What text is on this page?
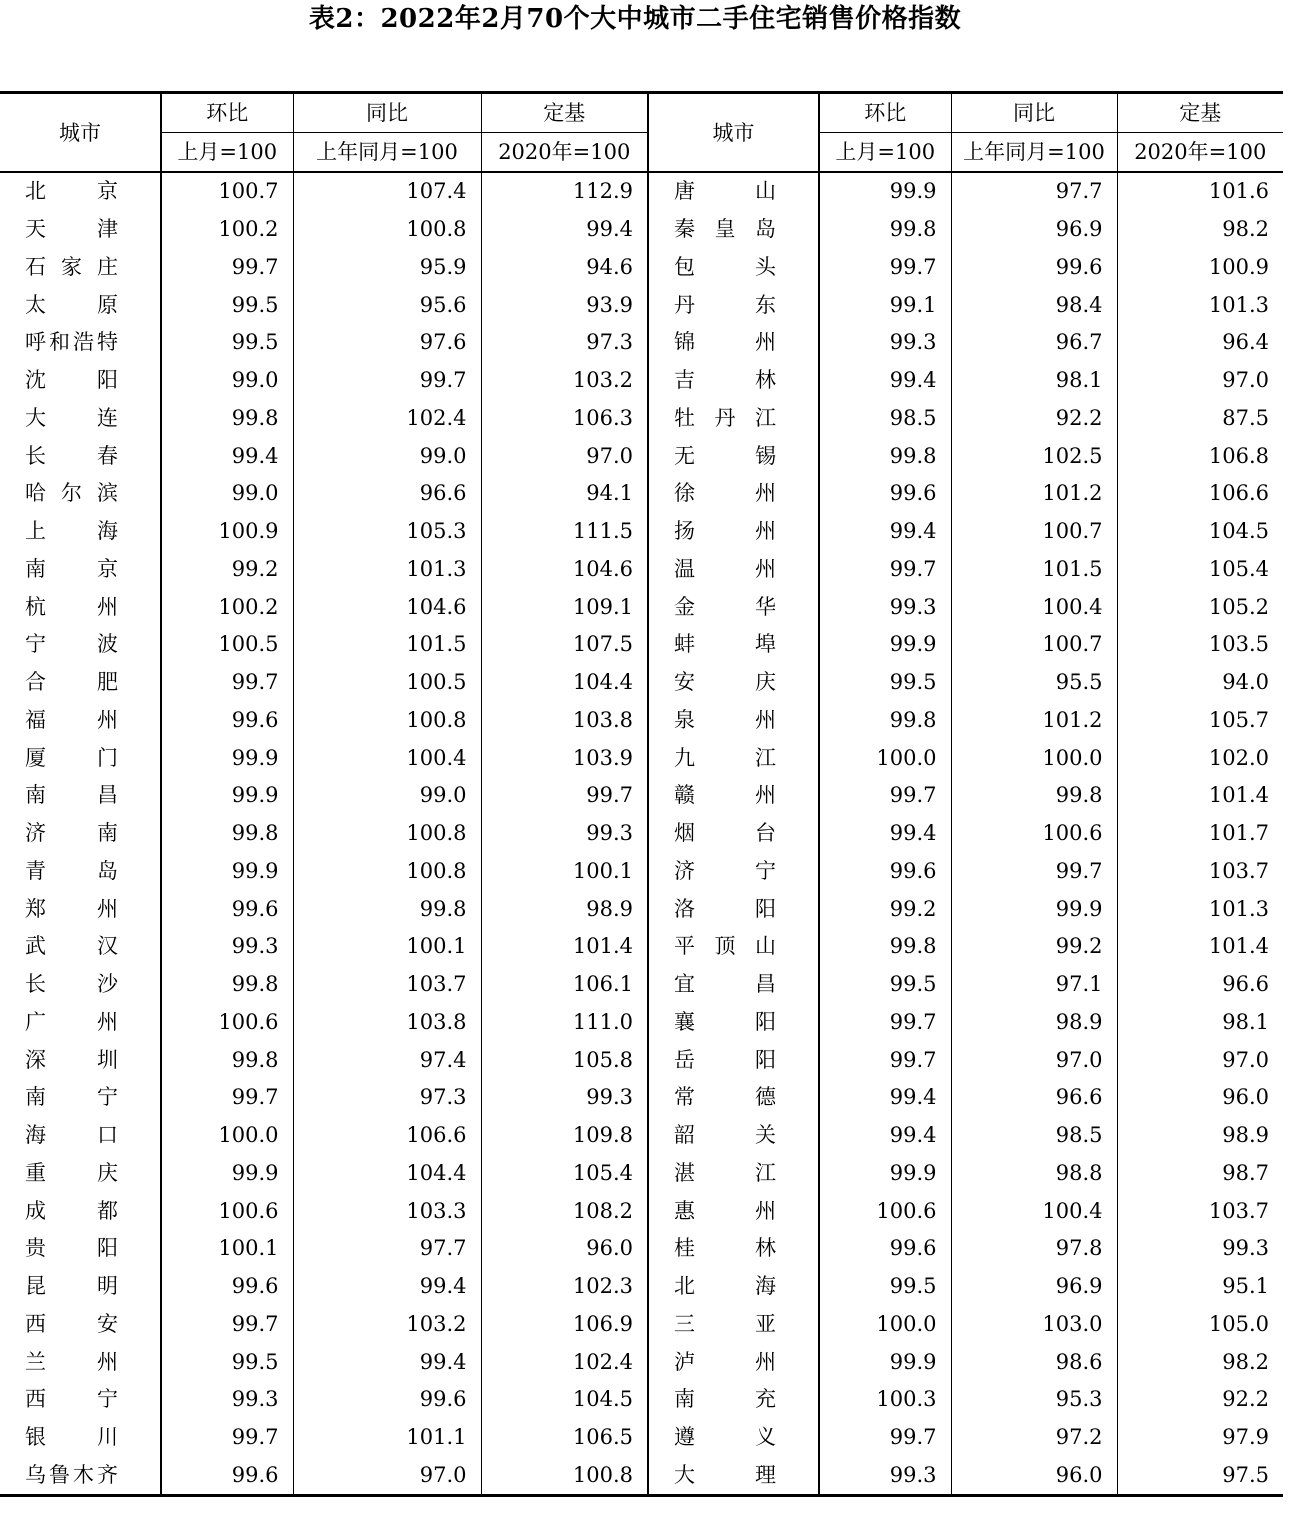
表2：2022年2月70个大中城市二手住宅销售价格指数
城市	环比	同比	定基	城市	环比	同比	定基
	上月=100	上年同月=100	2020年=100		上月=100	上年同月=100	2020年=100
北京	100.7	107.4	112.9	唐山	99.9	97.7	101.6
天津	100.2	100.8	99.4	秦皇岛	99.8	96.9	98.2
石家庄	99.7	95.9	94.6	包头	99.7	99.6	100.9
太原	99.5	95.6	93.9	丹东	99.1	98.4	101.3
呼和浩特	99.5	97.6	97.3	锦州	99.3	96.7	96.4
沈阳	99.0	99.7	103.2	吉林	99.4	98.1	97.0
大连	99.8	102.4	106.3	牡丹江	98.5	92.2	87.5
长春	99.4	99.0	97.0	无锡	99.8	102.5	106.8
哈尔滨	99.0	96.6	94.1	徐州	99.6	101.2	106.6
上海	100.9	105.3	111.5	扬州	99.4	100.7	104.5
南京	99.2	101.3	104.6	温州	99.7	101.5	105.4
杭州	100.2	104.6	109.1	金华	99.3	100.4	105.2
宁波	100.5	101.5	107.5	蚌埠	99.9	100.7	103.5
合肥	99.7	100.5	104.4	安庆	99.5	95.5	94.0
福州	99.6	100.8	103.8	泉州	99.8	101.2	105.7
厦门	99.9	100.4	103.9	九江	100.0	100.0	102.0
南昌	99.9	99.0	99.7	赣州	99.7	99.8	101.4
济南	99.8	100.8	99.3	烟台	99.4	100.6	101.7
青岛	99.9	100.8	100.1	济宁	99.6	99.7	103.7
郑州	99.6	99.8	98.9	洛阳	99.2	99.9	101.3
武汉	99.3	100.1	101.4	平顶山	99.8	99.2	101.4
长沙	99.8	103.7	106.1	宜昌	99.5	97.1	96.6
广州	100.6	103.8	111.0	襄阳	99.7	98.9	98.1
深圳	99.8	97.4	105.8	岳阳	99.7	97.0	97.0
南宁	99.7	97.3	99.3	常德	99.4	96.6	96.0
海口	100.0	106.6	109.8	韶关	99.4	98.5	98.9
重庆	99.9	104.4	105.4	湛江	99.9	98.8	98.7
成都	100.6	103.3	108.2	惠州	100.6	100.4	103.7
贵阳	100.1	97.7	96.0	桂林	99.6	97.8	99.3
昆明	99.6	99.4	102.3	北海	99.5	96.9	95.1
西安	99.7	103.2	106.9	三亚	100.0	103.0	105.0
兰州	99.5	99.4	102.4	泸州	99.9	98.6	98.2
西宁	99.3	99.6	104.5	南充	100.3	95.3	92.2
银川	99.7	101.1	106.5	遵义	99.7	97.2	97.9
乌鲁木齐	99.6	97.0	100.8	大理	99.3	96.0	97.5
